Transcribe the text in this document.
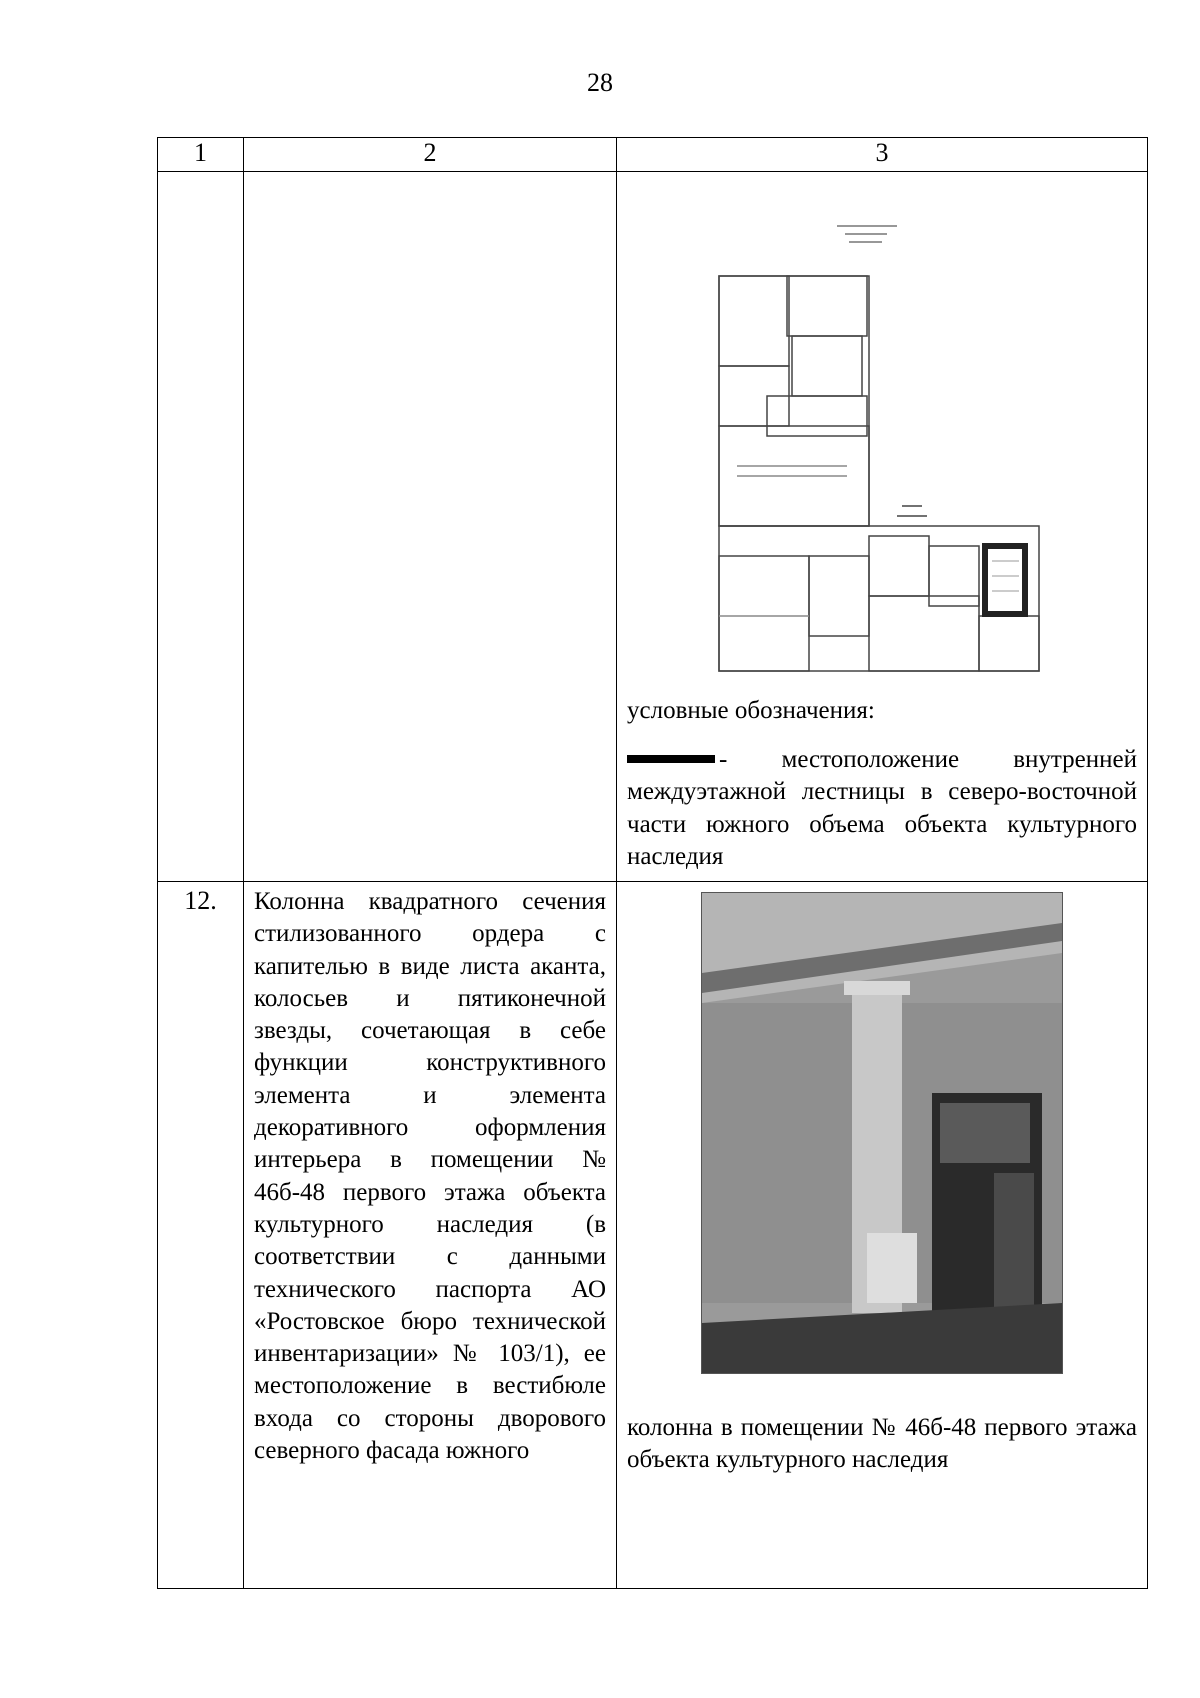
28
1	2	3

		условные обозначения:
- местоположение внутренней междуэтажной лестницы в северо-восточной части южного объема объекта культурного наследия

12.	Колонна квадратного сечения стилизованного ордера с капителью в виде листа аканта, колосьев и пятиконечной звезды, сочетающая в себе функции конструктивного элемента и элемента декоративного оформления интерьера в помещении № 46б-48 первого этажа объекта культурного наследия (в соответствии с данными технического паспорта АО «Ростовское бюро технической инвентаризации» № 103/1), ее местоположение в вестибюле входа со стороны дворового северного фасада южного	колонна в помещении № 46б-48 первого этажа объекта культурного наследия
